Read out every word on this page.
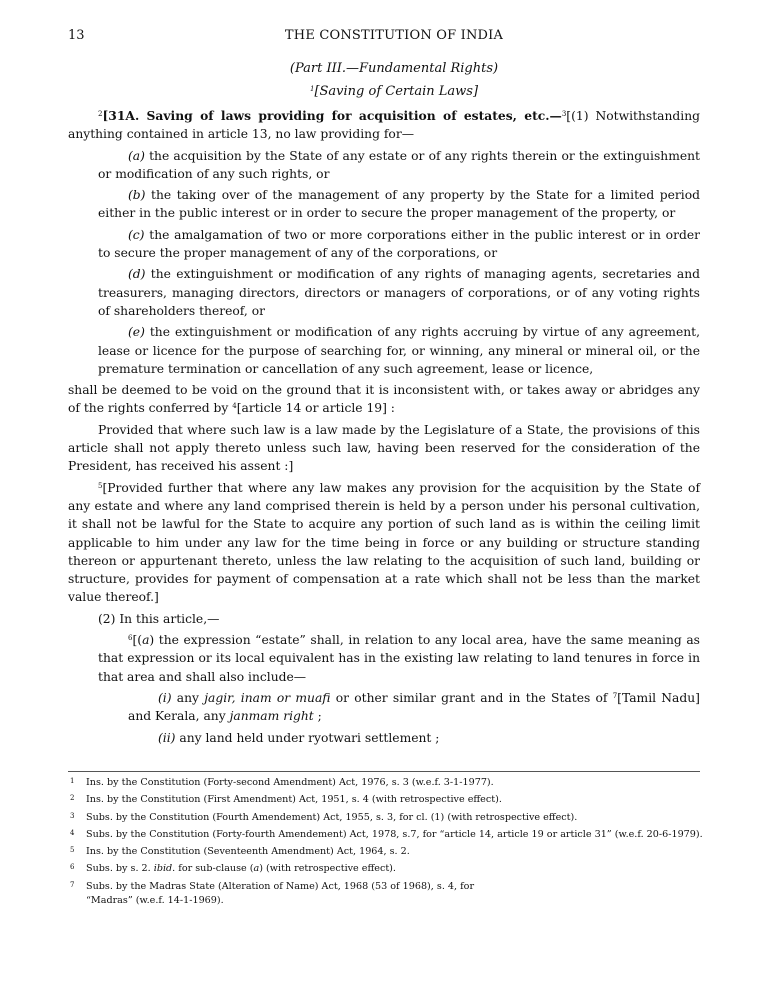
13	THE CONSTITUTION OF INDIA
(Part III.—Fundamental Rights)
$^1$[Saving of Certain Laws]

$^2$[31A. Saving of laws providing for acquisition of estates, etc.—$^3$[(1) Notwithstanding anything contained in article 13, no law providing for—

(a) the acquisition by the State of any estate or of any rights therein or the extinguishment or modification of any such rights, or

(b) the taking over of the management of any property by the State for a limited period either in the public interest or in order to secure the proper management of the property, or

(c) the amalgamation of two or more corporations either in the public interest or in order to secure the proper management of any of the corporations, or

(d) the extinguishment or modification of any rights of managing agents, secretaries and treasurers, managing directors, directors or managers of corporations, or of any voting rights of shareholders thereof, or

(e) the extinguishment or modification of any rights accruing by virtue of any agreement, lease or licence for the purpose of searching for, or winning, any mineral or mineral oil, or the premature termination or cancellation of any such agreement, lease or licence,

shall be deemed to be void on the ground that it is inconsistent with, or takes away or abridges any of the rights conferred by $^4$[article 14 or article 19] :

Provided that where such law is a law made by the Legislature of a State, the provisions of this article shall not apply thereto unless such law, having been reserved for the consideration of the President, has received his assent :]

$^5$[Provided further that where any law makes any provision for the acquisition by the State of any estate and where any land comprised therein is held by a person under his personal cultivation, it shall not be lawful for the State to acquire any portion of such land as is within the ceiling limit applicable to him under any law for the time being in force or any building or structure standing thereon or appurtenant thereto, unless the law relating to the acquisition of such land, building or structure, provides for payment of compensation at a rate which shall not be less than the market value thereof.]

(2) In this article,—

$^6$[(a) the expression “estate” shall, in relation to any local area, have the same meaning as that expression or its local equivalent has in the existing law relating to land tenures in force in that area and shall also include—

(i) any jagir, inam or muafi or other similar grant and in the States of $^7$[Tamil Nadu] and Kerala, any janmam right ;

(ii) any land held under ryotwari settlement ;

1 Ins. by the Constitution (Forty-second Amendment) Act, 1976, s. 3 (w.e.f. 3-1-1977).
2 Ins. by the Constitution (First Amendment) Act, 1951, s. 4 (with retrospective effect).
3 Subs. by the Constitution (Fourth Amendement) Act, 1955, s. 3, for cl. (1) (with retrospective effect).
4 Subs. by the Constitution (Forty-fourth Amendement) Act, 1978, s.7, for “article 14, article 19 or article 31” (w.e.f. 20-6-1979).
5 Ins. by the Constitution (Seventeenth Amendment) Act, 1964, s. 2.
6 Subs. by s. 2. ibid. for sub-clause (a) (with retrospective effect).
7 Subs. by the Madras State (Alteration of Name) Act, 1968 (53 of 1968), s. 4, for
“Madras” (w.e.f. 14-1-1969).
